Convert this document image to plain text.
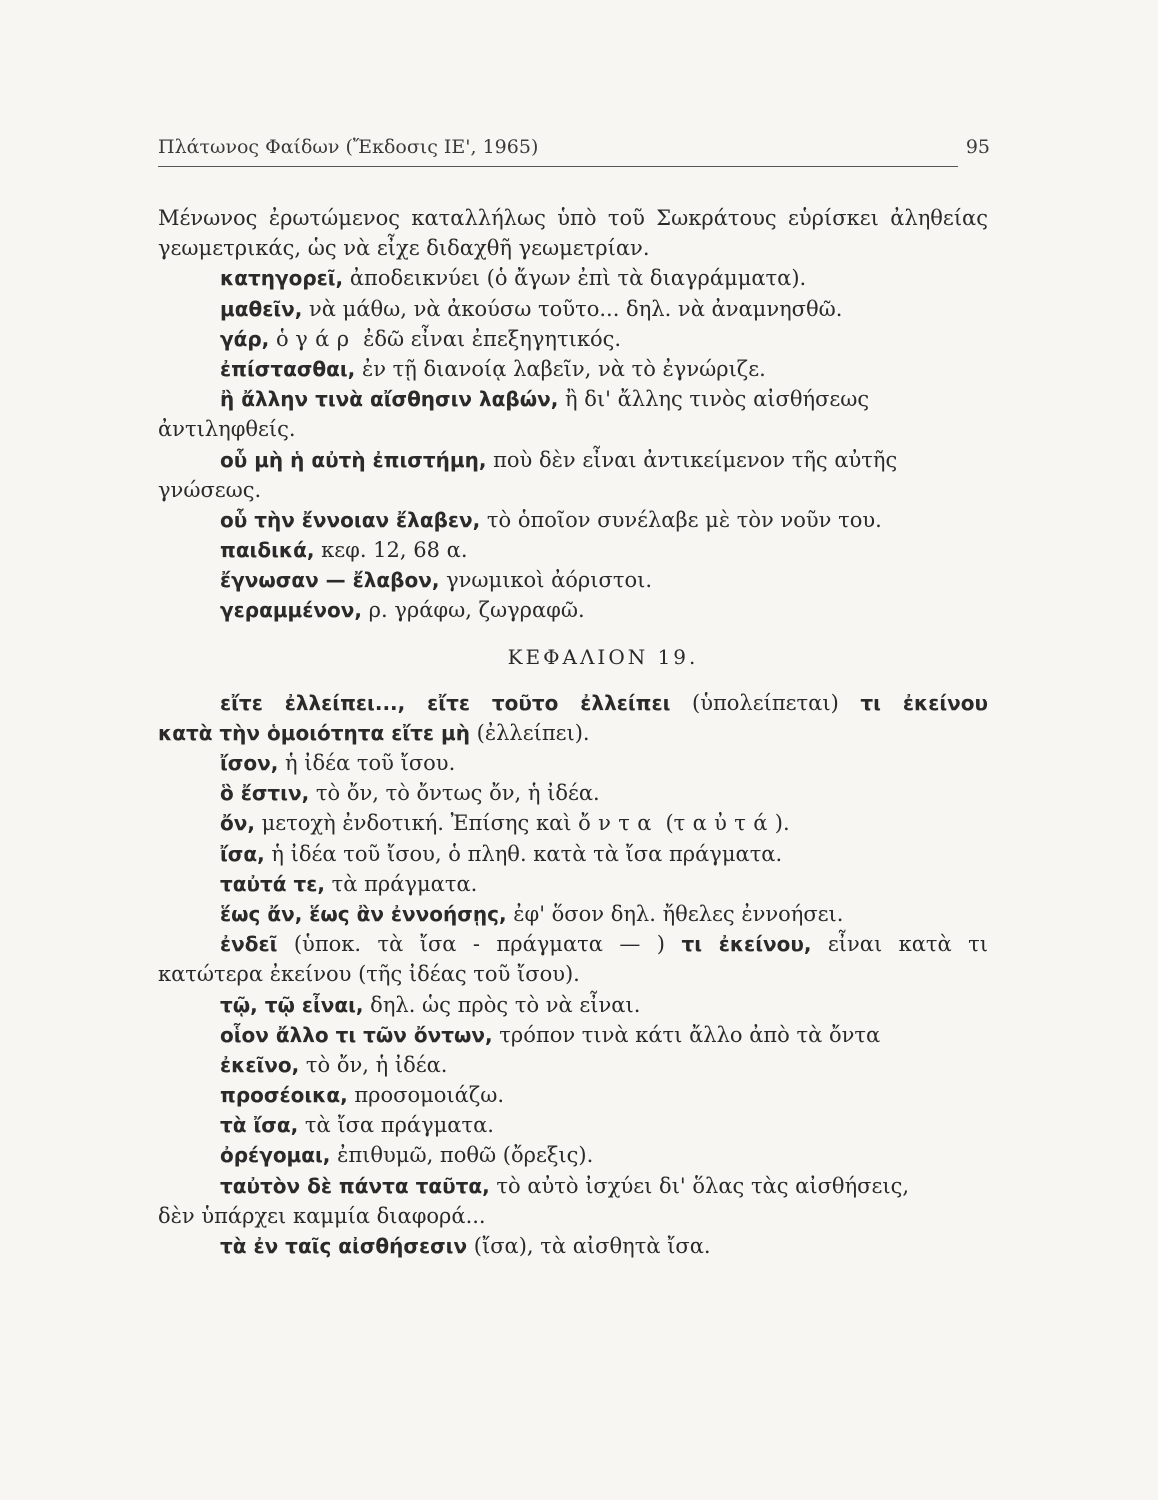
Πλάτωνος Φαίδων (Ἔκδοσις ΙΕ', 1965)	95
Μένωνος ἐρωτώμενος καταλλήλως ὑπὸ τοῦ Σωκράτους εὑρίσκει ἀληθείας
γεωμετρικάς, ὡς νὰ εἶχε διδαχθῆ γεωμετρίαν.
κατηγορεῖ, ἀποδεικνύει (ὁ ἄγων ἐπὶ τὰ διαγράμματα).
μαθεῖν, νὰ μάθω, νὰ ἀκούσω τοῦτο... δηλ. νὰ ἀναμνησθῶ.
γάρ, ὁ γάρ ἐδῶ εἶναι ἐπεξηγητικός.
ἐπίστασθαι, ἐν τῇ διανοίᾳ λαβεῖν, νὰ τὸ ἐγνώριζε.
ἢ ἄλλην τινὰ αἴσθησιν λαβών, ἢ δι' ἄλλης τινὸς αἰσθήσεως
ἀντιληφθείς.
οὗ μὴ ἡ αὐτὴ ἐπιστήμη, ποὺ δὲν εἶναι ἀντικείμενον τῆς αὐτῆς
γνώσεως.
οὗ τὴν ἔννοιαν ἔλαβεν, τὸ ὁποῖον συνέλαβε μὲ τὸν νοῦν του.
παιδικά, κεφ. 12, 68 α.
ἔγνωσαν — ἔλαβον, γνωμικοὶ ἀόριστοι.
γεραμμένον, ρ. γράφω, ζωγραφῶ.
ΚΕΦΑΛΙΟΝ 19.
εἴτε ἐλλείπει..., εἴτε τοῦτο ἐλλείπει (ὑπολείπεται) τι ἐκείνου
κατὰ τὴν ὁμοιότητα εἴτε μὴ (ἐλλείπει).
ἴσον, ἡ ἰδέα τοῦ ἴσου.
ὃ ἔστιν, τὸ ὄν, τὸ ὄντως ὄν, ἡ ἰδέα.
ὄν, μετοχὴ ἐνδοτική. Ἐπίσης καὶ ὄντα (ταὐτά).
ἴσα, ἡ ἰδέα τοῦ ἴσου, ὁ πληθ. κατὰ τὰ ἴσα πράγματα.
ταὐτά τε, τὰ πράγματα.
ἕως ἄν, ἕως ἂν ἐννοήσῃς, ἐφ' ὅσον δηλ. ἤθελες ἐννοήσει.
ἐνδεῖ (ὑποκ. τὰ ἴσα - πράγματα — ) τι ἐκείνου, εἶναι κατὰ τι
κατώτερα ἐκείνου (τῆς ἰδέας τοῦ ἴσου).
τῷ, τῷ εἶναι, δηλ. ὡς πρὸς τὸ νὰ εἶναι.
οἷον ἄλλο τι τῶν ὄντων, τρόπον τινὰ κάτι ἄλλο ἀπὸ τὰ ὄντα
ἐκεῖνο, τὸ ὄν, ἡ ἰδέα.
προσέοικα, προσομοιάζω.
τὰ ἴσα, τὰ ἴσα πράγματα.
ὀρέγομαι, ἐπιθυμῶ, ποθῶ (ὄρεξις).
ταὐτὸν δὲ πάντα ταῦτα, τὸ αὐτὸ ἰσχύει δι' ὅλας τὰς αἰσθήσεις,
δὲν ὑπάρχει καμμία διαφορά...
τὰ ἐν ταῖς αἰσθήσεσιν (ἴσα), τὰ αἰσθητὰ ἴσα.
